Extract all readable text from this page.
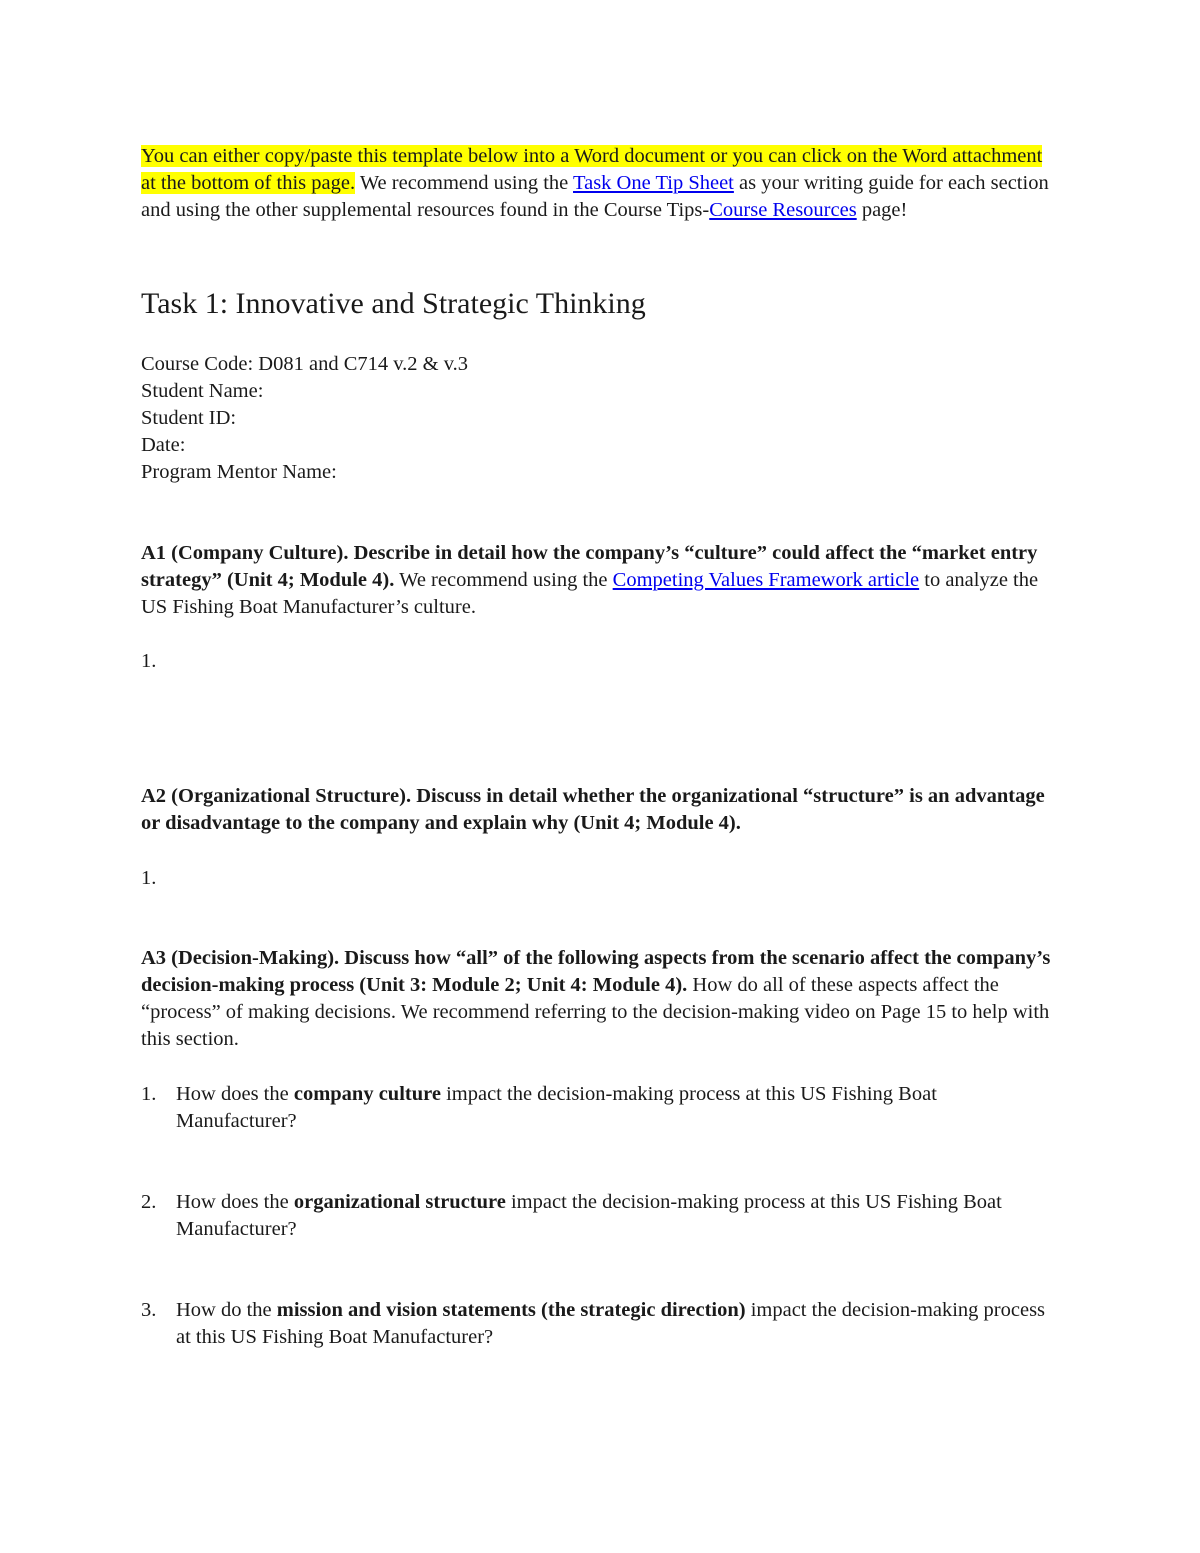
You can either copy/paste this template below into a Word document or you can click on the Word attachment at the bottom of this page. We recommend using the Task One Tip Sheet as your writing guide for each section and using the other supplemental resources found in the Course Tips-Course Resources page!

Task 1: Innovative and Strategic Thinking
Course Code: D081 and C714 v.2 & v.3
Student Name:
Student ID:
Date:
Program Mentor Name:

A1 (Company Culture). Describe in detail how the company’s “culture” could affect the “market entry strategy” (Unit 4; Module 4). We recommend using the Competing Values Framework article to analyze the US Fishing Boat Manufacturer’s culture.

1.

A2 (Organizational Structure). Discuss in detail whether the organizational “structure” is an advantage or disadvantage to the company and explain why (Unit 4; Module 4).

1.

A3 (Decision-Making). Discuss how “all” of the following aspects from the scenario affect the company’s decision-making process (Unit 3: Module 2; Unit 4: Module 4). How do all of these aspects affect the “process” of making decisions. We recommend referring to the decision-making video on Page 15 to help with this section.

1. How does the company culture impact the decision-making process at this US Fishing Boat Manufacturer?
2. How does the organizational structure impact the decision-making process at this US Fishing Boat Manufacturer?
3. How do the mission and vision statements (the strategic direction) impact the decision-making process at this US Fishing Boat Manufacturer?
